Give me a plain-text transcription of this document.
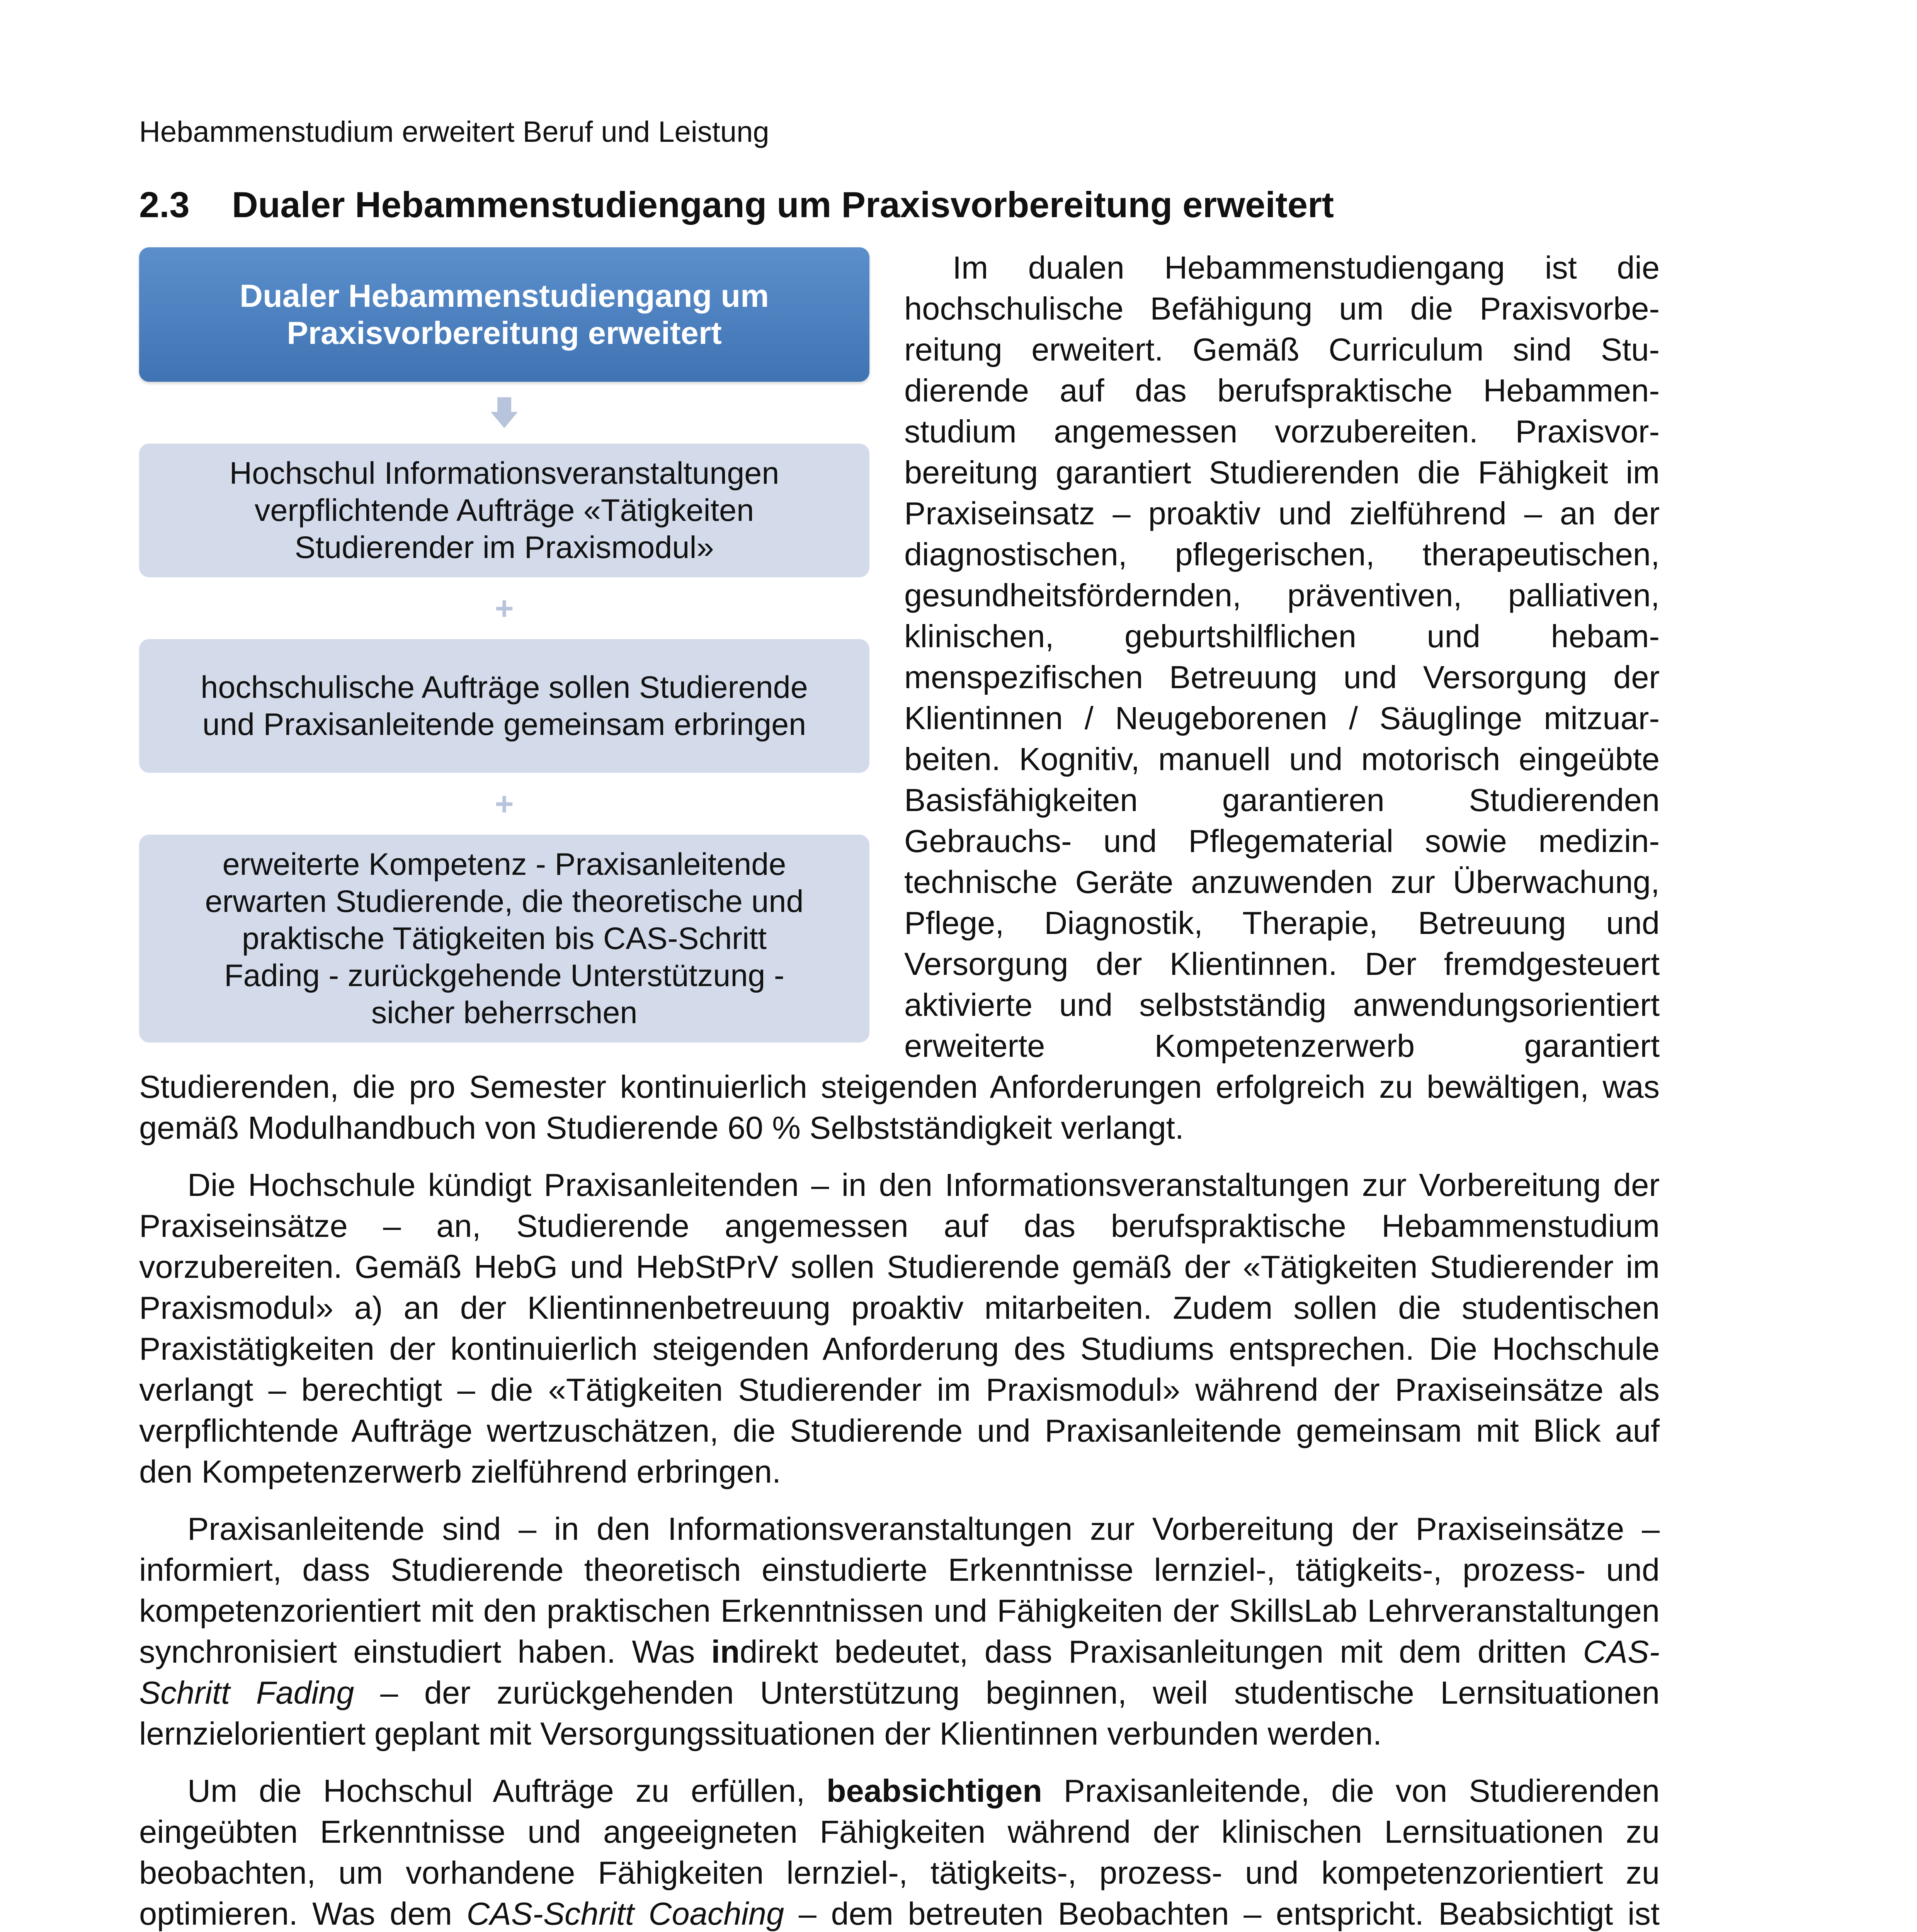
Hebammenstudium erweitert Beruf und Leistung
2.3 Dualer Hebammenstudiengang um Praxisvorbereitung erweitert
Dualer Hebammenstudiengang um
Praxisvorbereitung erweitert
Hochschul Informationsveranstaltungen
verpflichtende Aufträge «Tätigkeiten
Studierender im Praxismodul»
+
hochschulische Aufträge sollen Studierende
und Praxisanleitende gemeinsam erbringen
+
erweiterte Kompetenz - Praxisanleitende
erwarten Studierende, die theoretische und
praktische Tätigkeiten bis CAS-Schritt
Fading - zurückgehende Unterstützung -
sicher beherrschen

Im dualen Hebammenstudiengang ist die hochschulische Befähigung um die Praxisvorbereitung erweitert. Gemäß Curriculum sind Studierende auf das berufspraktische Hebammenstudium angemessen vorzubereiten. Praxisvorbereitung garantiert Studierenden die Fähigkeit im Praxiseinsatz – proaktiv und zielführend – an der diagnostischen, pflegerischen, therapeutischen, gesundheitsfördernden, präventiven, palliativen, klinischen, geburtshilflichen und hebammenspezifischen Betreuung und Versorgung der Klientinnen / Neugeborenen / Säuglinge mitzuarbeiten. Kognitiv, manuell und motorisch eingeübte Basisfähigkeiten garantieren Studierenden Gebrauchs- und Pflegematerial sowie medizintechnische Geräte anzuwenden zur Überwachung, Pflege, Diagnostik, Therapie, Betreuung und Versorgung der Klientinnen. Der fremdgesteuert aktivierte und selbstständig anwendungsorientiert erweiterte Kompetenzerwerb garantiert Studierenden, die pro Semester kontinuierlich steigenden Anforderungen erfolgreich zu bewältigen, was gemäß Modulhandbuch von Studierende 60 % Selbstständigkeit verlangt.

Die Hochschule kündigt Praxisanleitenden – in den Informationsveranstaltungen zur Vorbereitung der Praxiseinsätze – an, Studierende angemessen auf das berufspraktische Hebammenstudium vorzubereiten. Gemäß HebG und HebStPrV sollen Studierende gemäß der «Tätigkeiten Studierender im Praxismodul» a) an der Klientinnenbetreuung proaktiv mitarbeiten. Zudem sollen die studentischen Praxistätigkeiten der kontinuierlich steigenden Anforderung des Studiums entsprechen. Die Hochschule verlangt – berechtigt – die «Tätigkeiten Studierender im Praxismodul» während der Praxiseinsätze als verpflichtende Aufträge wertzuschätzen, die Studierende und Praxisanleitende gemeinsam mit Blick auf den Kompetenzerwerb zielführend erbringen.

Praxisanleitende sind – in den Informationsveranstaltungen zur Vorbereitung der Praxiseinsätze – informiert, dass Studierende theoretisch einstudierte Erkenntnisse lernziel-, tätigkeits-, prozess- und kompetenzorientiert mit den praktischen Erkenntnissen und Fähigkeiten der SkillsLab Lehrveranstaltungen synchronisiert einstudiert haben. Was indirekt bedeutet, dass Praxisanleitungen mit dem dritten CAS-Schritt Fading – der zurückgehenden Unterstützung beginnen, weil studentische Lernsituationen lernzielorientiert geplant mit Versorgungssituationen der Klientinnen verbunden werden.

Um die Hochschul Aufträge zu erfüllen, beabsichtigen Praxisanleitende, die von Studierenden eingeübten Erkenntnisse und angeeigneten Fähigkeiten während der klinischen Lernsituationen zu beobachten, um vorhandene Fähigkeiten lernziel-, tätigkeits-, prozess- und kompetenzorientiert zu optimieren. Was dem CAS-Schritt Coaching – dem betreuten Beobachten – entspricht. Beabsichtigt ist
